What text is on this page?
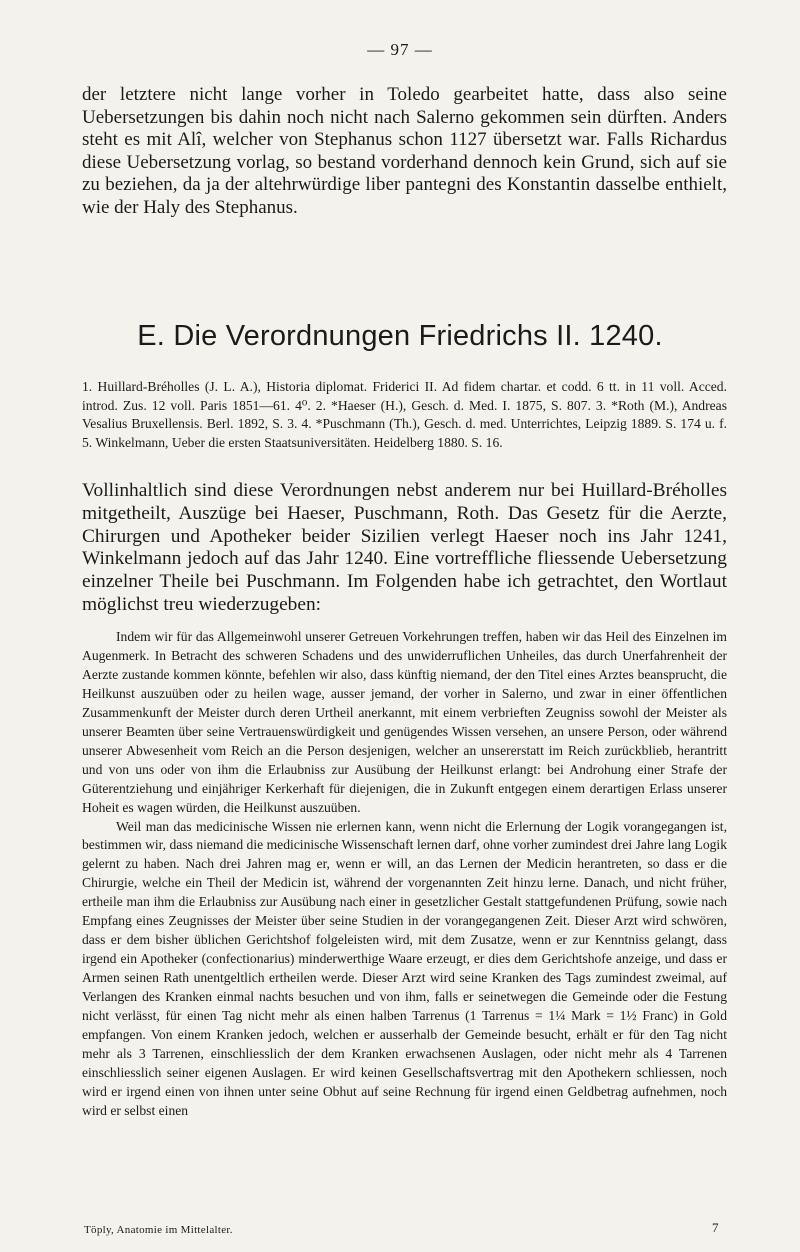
— 97 —

der letztere nicht lange vorher in Toledo gearbeitet hatte, dass also seine Uebersetzungen bis dahin noch nicht nach Salerno gekommen sein dürften. Anders steht es mit Alî, welcher von Stephanus schon 1127 übersetzt war. Falls Richardus diese Uebersetzung vorlag, so bestand vorderhand dennoch kein Grund, sich auf sie zu beziehen, da ja der altehrwürdige liber pantegni des Konstantin dasselbe enthielt, wie der Haly des Stephanus.

E. Die Verordnungen Friedrichs II. 1240.

1. Huillard-Bréholles (J. L. A.), Historia diplomat. Friderici II. Ad fidem chartar. et codd. 6 tt. in 11 voll. Acced. introd. Zus. 12 voll. Paris 1851—61. 4⁰. 2. *Haeser (H.), Gesch. d. Med. I. 1875, S. 807. 3. *Roth (M.), Andreas Vesalius Bruxellensis. Berl. 1892, S. 3. 4. *Puschmann (Th.), Gesch. d. med. Unterrichtes, Leipzig 1889. S. 174 u. f. 5. Winkelmann, Ueber die ersten Staatsuniversitäten. Heidelberg 1880. S. 16.

Vollinhaltlich sind diese Verordnungen nebst anderem nur bei Huillard-Bréholles mitgetheilt, Auszüge bei Haeser, Puschmann, Roth. Das Gesetz für die Aerzte, Chirurgen und Apotheker beider Sizilien verlegt Haeser noch ins Jahr 1241, Winkelmann jedoch auf das Jahr 1240. Eine vortreffliche fliessende Uebersetzung einzelner Theile bei Puschmann. Im Folgenden habe ich getrachtet, den Wortlaut möglichst treu wiederzugeben:

Indem wir für das Allgemeinwohl unserer Getreuen Vorkehrungen treffen, haben wir das Heil des Einzelnen im Augenmerk. In Betracht des schweren Schadens und des unwiderruflichen Unheiles, das durch Unerfahrenheit der Aerzte zustande kommen könnte, befehlen wir also, dass künftig niemand, der den Titel eines Arztes beansprucht, die Heilkunst auszuüben oder zu heilen wage, ausser jemand, der vorher in Salerno, und zwar in einer öffentlichen Zusammenkunft der Meister durch deren Urtheil anerkannt, mit einem verbrieften Zeugniss sowohl der Meister als unserer Beamten über seine Vertrauenswürdigkeit und genügendes Wissen versehen, an unsere Person, oder während unserer Abwesenheit vom Reich an die Person desjenigen, welcher an unsererstatt im Reich zurückblieb, herantritt und von uns oder von ihm die Erlaubniss zur Ausübung der Heilkunst erlangt: bei Androhung einer Strafe der Güterentziehung und einjähriger Kerkerhaft für diejenigen, die in Zukunft entgegen einem derartigen Erlass unserer Hoheit es wagen würden, die Heilkunst auszuüben.

Weil man das medicinische Wissen nie erlernen kann, wenn nicht die Erlernung der Logik vorangegangen ist, bestimmen wir, dass niemand die medicinische Wissenschaft lernen darf, ohne vorher zumindest drei Jahre lang Logik gelernt zu haben. Nach drei Jahren mag er, wenn er will, an das Lernen der Medicin herantreten, so dass er die Chirurgie, welche ein Theil der Medicin ist, während der vorgenannten Zeit hinzu lerne. Danach, und nicht früher, ertheile man ihm die Erlaubniss zur Ausübung nach einer in gesetzlicher Gestalt stattgefundenen Prüfung, sowie nach Empfang eines Zeugnisses der Meister über seine Studien in der vorangegangenen Zeit. Dieser Arzt wird schwören, dass er dem bisher üblichen Gerichtshof folgeleisten wird, mit dem Zusatze, wenn er zur Kenntniss gelangt, dass irgend ein Apotheker (confectionarius) minderwerthige Waare erzeugt, er dies dem Gerichtshofe anzeige, und dass er Armen seinen Rath unentgeltlich ertheilen werde. Dieser Arzt wird seine Kranken des Tags zumindest zweimal, auf Verlangen des Kranken einmal nachts besuchen und von ihm, falls er seinetwegen die Gemeinde oder die Festung nicht verlässt, für einen Tag nicht mehr als einen halben Tarrenus (1 Tarrenus = 1¼ Mark = 1½ Franc) in Gold empfangen. Von einem Kranken jedoch, welchen er ausserhalb der Gemeinde besucht, erhält er für den Tag nicht mehr als 3 Tarrenen, einschliesslich der dem Kranken erwachsenen Auslagen, oder nicht mehr als 4 Tarrenen einschliesslich seiner eigenen Auslagen. Er wird keinen Gesellschaftsvertrag mit den Apothekern schliessen, noch wird er irgend einen von ihnen unter seine Obhut auf seine Rechnung für irgend einen Geldbetrag aufnehmen, noch wird er selbst einen

Töply, Anatomie im Mittelalter.	7
